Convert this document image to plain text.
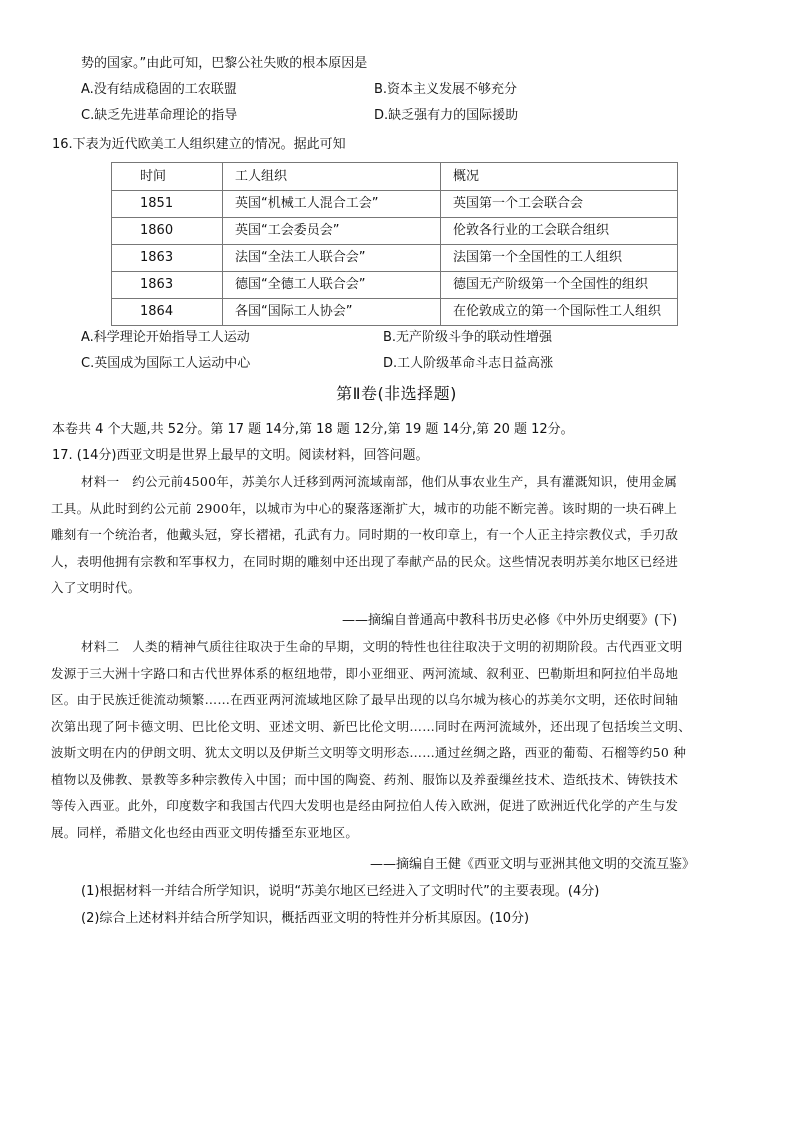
势的国家。”由此可知，巴黎公社失败的根本原因是
A.没有结成稳固的工农联盟	B.资本主义发展不够充分
C.缺乏先进革命理论的指导	D.缺乏强有力的国际援助
16.下表为近代欧美工人组织建立的情况。据此可知
时间	工人组织	概况
1851	英国“机械工人混合工会”	英国第一个工会联合会
1860	英国“工会委员会”	伦敦各行业的工会联合组织
1863	法国“全法工人联合会”	法国第一个全国性的工人组织
1863	德国“全德工人联合会”	德国无产阶级第一个全国性的组织
1864	各国“国际工人协会”	在伦敦成立的第一个国际性工人组织
A.科学理论开始指导工人运动	B.无产阶级斗争的联动性增强
C.英国成为国际工人运动中心	D.工人阶级革命斗志日益高涨
第Ⅱ卷(非选择题)
本卷共 4 个大题,共 52分。第 17 题 14分,第 18 题 12分,第 19 题 14分,第 20 题 12分。
17. (14分)西亚文明是世界上最早的文明。阅读材料，回答问题。
材料一　约公元前4500年，苏美尔人迁移到两河流域南部，他们从事农业生产，具有灌溉知识，使用金属
工具。从此时到约公元前 2900年，以城市为中心的聚落逐渐扩大，城市的功能不断完善。该时期的一块石碑上
雕刻有一个统治者，他戴头冠，穿长褶裙，孔武有力。同时期的一枚印章上，有一个人正主持宗教仪式，手刃敌
人，表明他拥有宗教和军事权力，在同时期的雕刻中还出现了奉献产品的民众。这些情况表明苏美尔地区已经进
入了文明时代。
——摘编自普通高中教科书历史必修《中外历史纲要》(下)
材料二　人类的精神气质往往取决于生命的早期，文明的特性也往往取决于文明的初期阶段。古代西亚文明
发源于三大洲十字路口和古代世界体系的枢纽地带，即小亚细亚、两河流域、叙利亚、巴勒斯坦和阿拉伯半岛地
区。由于民族迁徙流动频繁……在西亚两河流域地区除了最早出现的以乌尔城为核心的苏美尔文明，还依时间轴
次第出现了阿卡德文明、巴比伦文明、亚述文明、新巴比伦文明……同时在两河流域外，还出现了包括埃兰文明、
波斯文明在内的伊朗文明、犹太文明以及伊斯兰文明等文明形态……通过丝绸之路，西亚的葡萄、石榴等约50 种
植物以及佛教、景教等多种宗教传入中国；而中国的陶瓷、药剂、服饰以及养蚕缫丝技术、造纸技术、铸铁技术
等传入西亚。此外，印度数字和我国古代四大发明也是经由阿拉伯人传入欧洲，促进了欧洲近代化学的产生与发
展。同样，希腊文化也经由西亚文明传播至东亚地区。
——摘编自王健《西亚文明与亚洲其他文明的交流互鉴》
(1)根据材料一并结合所学知识，说明“苏美尔地区已经进入了文明时代”的主要表现。(4分)
(2)综合上述材料并结合所学知识，概括西亚文明的特性并分析其原因。(10分)
